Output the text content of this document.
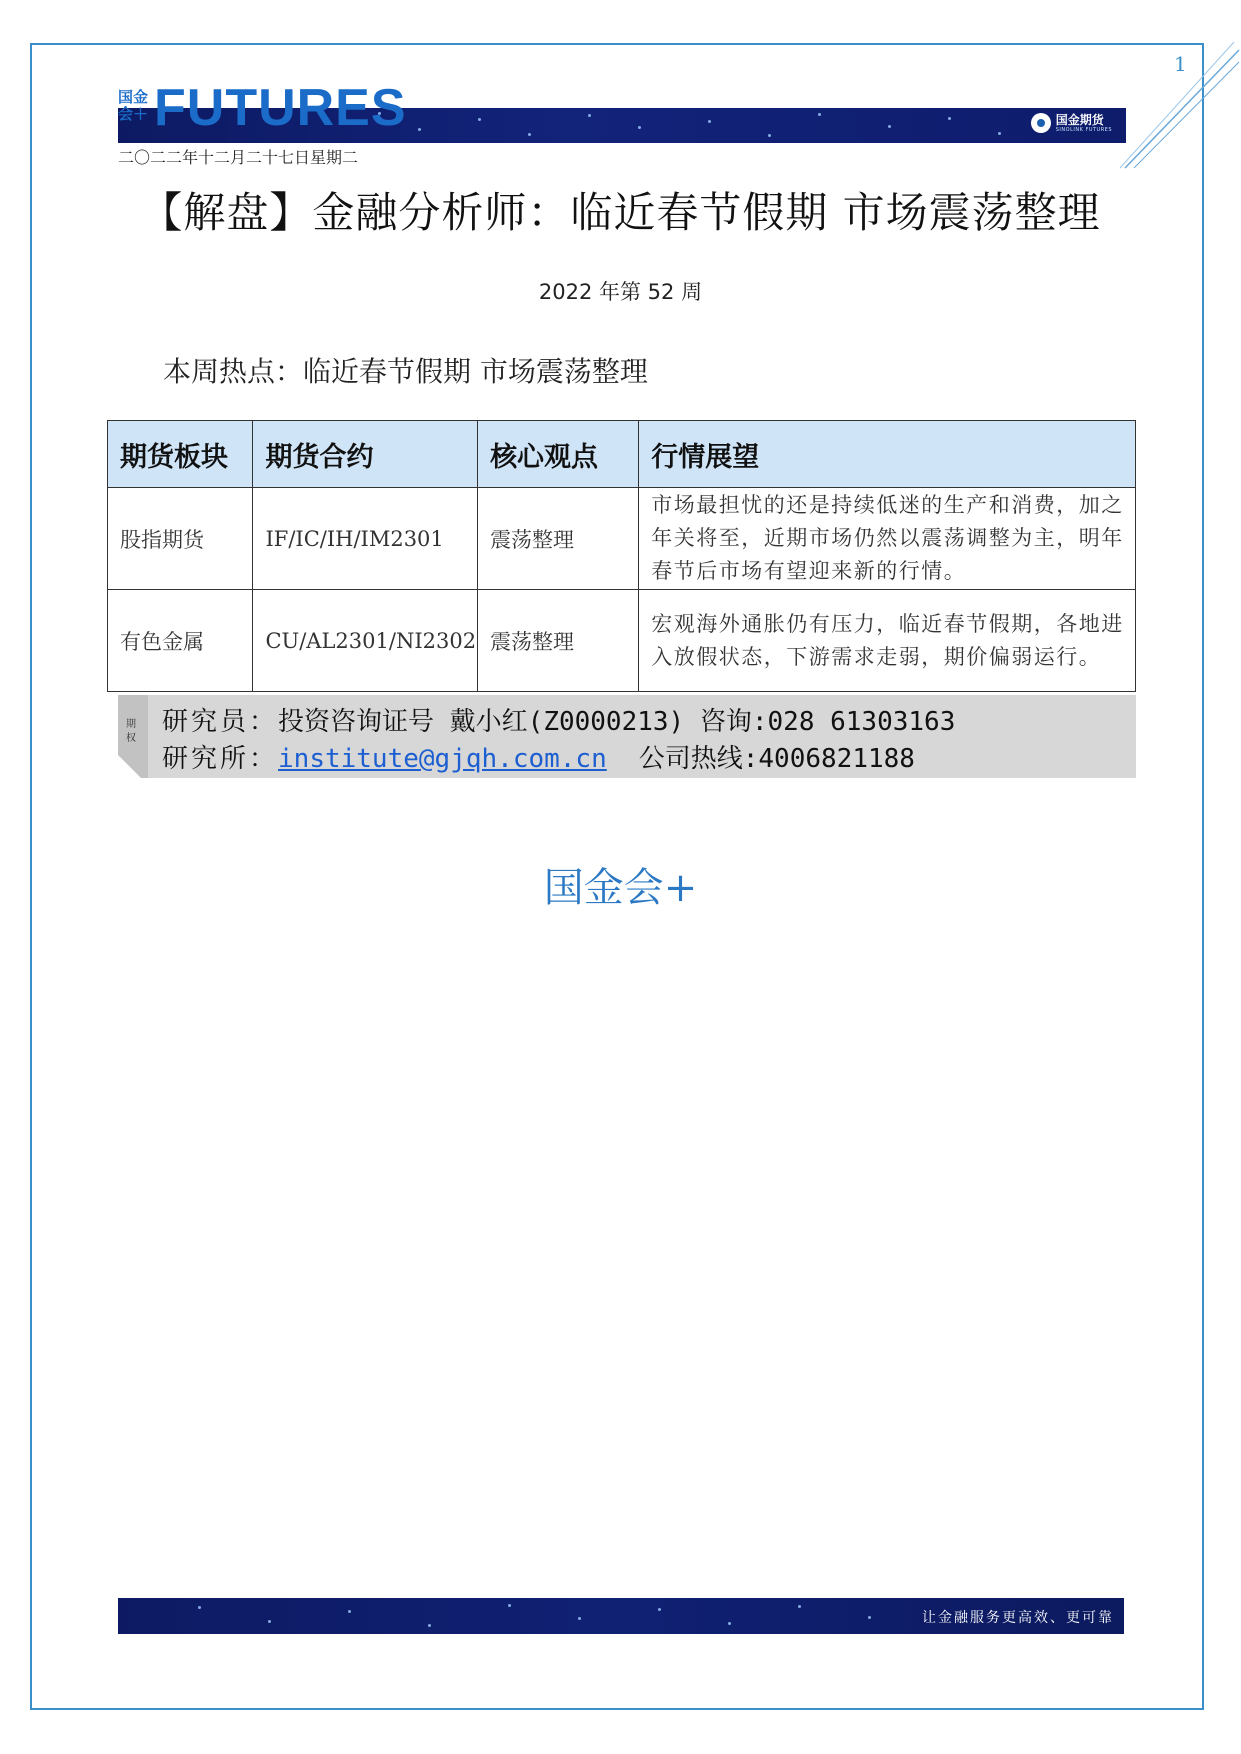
1
国金期货
SINOLINK FUTURES
国金会＋ FUTURES
二〇二二年十二月二十七日星期二
【解盘】金融分析师：临近春节假期 市场震荡整理
2022 年第 52 周
本周热点：临近春节假期 市场震荡整理
期货板块	期货合约	核心观点	行情展望
股指期货	IF/IC/IH/IM2301	震荡整理	市场最担忧的还是持续低迷的生产和消费，加之年关将至，近期市场仍然以震荡调整为主，明年春节后市场有望迎来新的行情。
有色金属	CU/AL2301/NI2302	震荡整理	宏观海外通胀仍有压力，临近春节假期，各地进入放假状态，下游需求走弱，期价偏弱运行。
期权
研究员：投资咨询证号 戴小红(Z0000213) 咨询:028 61303163
研究所：institute@gjqh.com.cn 公司热线:4006821188
国金会+
让金融服务更高效、更可靠
